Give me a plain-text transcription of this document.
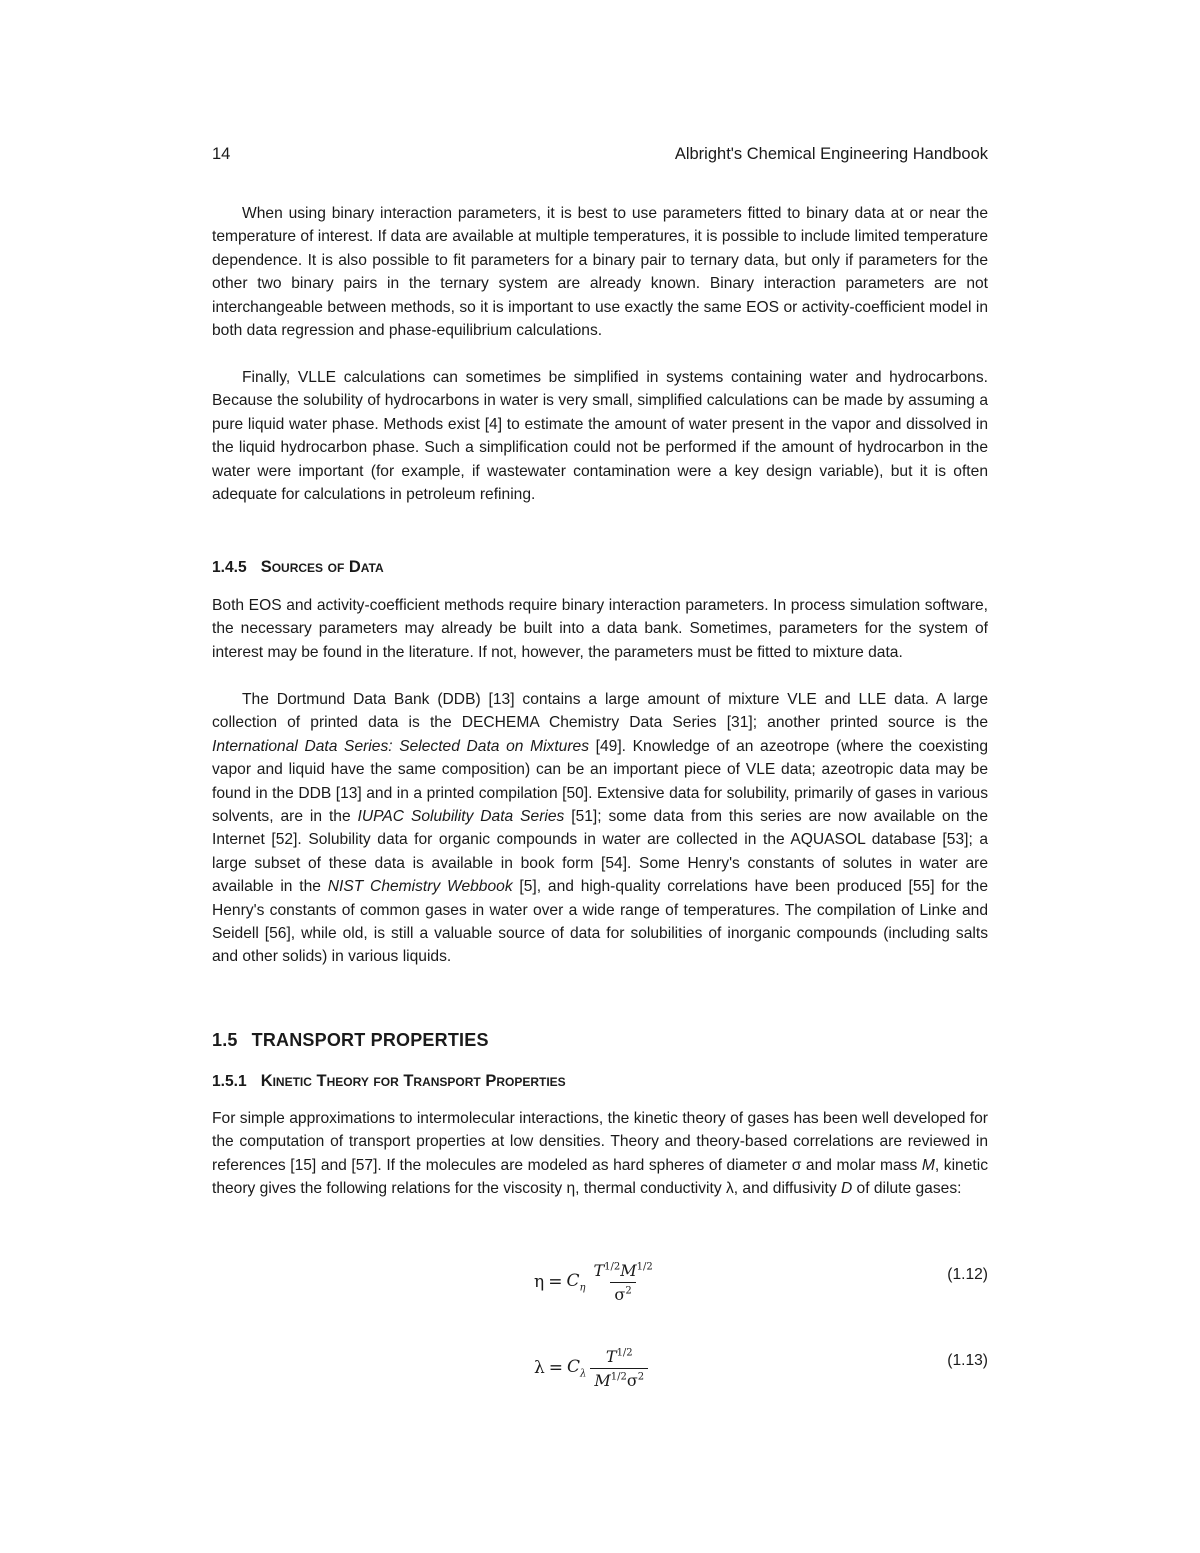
14	Albright's Chemical Engineering Handbook

When using binary interaction parameters, it is best to use parameters fitted to binary data at or near the temperature of interest. If data are available at multiple temperatures, it is possible to include limited temperature dependence. It is also possible to fit parameters for a binary pair to ternary data, but only if parameters for the other two binary pairs in the ternary system are already known. Binary interaction parameters are not interchangeable between methods, so it is important to use exactly the same EOS or activity-coefficient model in both data regression and phase-equilibrium calculations.

Finally, VLLE calculations can sometimes be simplified in systems containing water and hydrocarbons. Because the solubility of hydrocarbons in water is very small, simplified calculations can be made by assuming a pure liquid water phase. Methods exist [4] to estimate the amount of water present in the vapor and dissolved in the liquid hydrocarbon phase. Such a simplification could not be performed if the amount of hydrocarbon in the water were important (for example, if wastewater contamination were a key design variable), but it is often adequate for calculations in petroleum refining.

1.4.5 Sources of Data

Both EOS and activity-coefficient methods require binary interaction parameters. In process simulation software, the necessary parameters may already be built into a data bank. Sometimes, parameters for the system of interest may be found in the literature. If not, however, the parameters must be fitted to mixture data.

The Dortmund Data Bank (DDB) [13] contains a large amount of mixture VLE and LLE data. A large collection of printed data is the DECHEMA Chemistry Data Series [31]; another printed source is the International Data Series: Selected Data on Mixtures [49]. Knowledge of an azeotrope (where the coexisting vapor and liquid have the same composition) can be an important piece of VLE data; azeotropic data may be found in the DDB [13] and in a printed compilation [50]. Extensive data for solubility, primarily of gases in various solvents, are in the IUPAC Solubility Data Series [51]; some data from this series are now available on the Internet [52]. Solubility data for organic compounds in water are collected in the AQUASOL database [53]; a large subset of these data is available in book form [54]. Some Henry's constants of solutes in water are available in the NIST Chemistry Webbook [5], and high-quality correlations have been produced [55] for the Henry's constants of common gases in water over a wide range of temperatures. The compilation of Linke and Seidell [56], while old, is still a valuable source of data for solubilities of inorganic compounds (including salts and other solids) in various liquids.

1.5 TRANSPORT PROPERTIES
1.5.1 Kinetic Theory for Transport Properties

For simple approximations to intermolecular interactions, the kinetic theory of gases has been well developed for the computation of transport properties at low densities. Theory and theory-based correlations are reviewed in references [15] and [57]. If the molecules are modeled as hard spheres of diameter σ and molar mass M, kinetic theory gives the following relations for the viscosity η, thermal conductivity λ, and diffusivity D of dilute gases:

$\eta = C_\eta \frac{T^{1/2}M^{1/2}}{\sigma^2}$	(1.12)
$\lambda = C_\lambda \frac{T^{1/2}}{M^{1/2}\sigma^2}$	(1.13)
